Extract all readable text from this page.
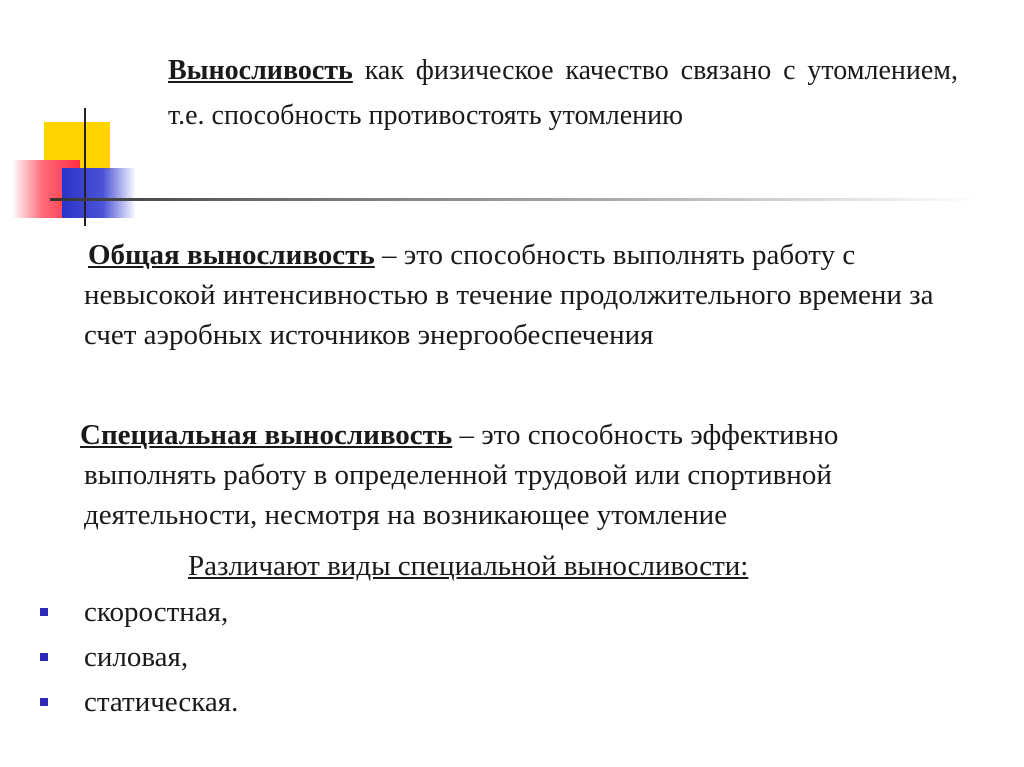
Выносливость как физическое качество связано с утомлением, т.е. способность противостоять утомлению

Общая выносливость – это способность выполнять работу с невысокой интенсивностью в течение продолжительного времени за счет аэробных источников энергообеспечения

Специальная выносливость – это способность эффективно выполнять работу в определенной трудовой или спортивной деятельности, несмотря на возникающее утомление

Различают виды специальной выносливости:

скоростная,
силовая,
статическая.
